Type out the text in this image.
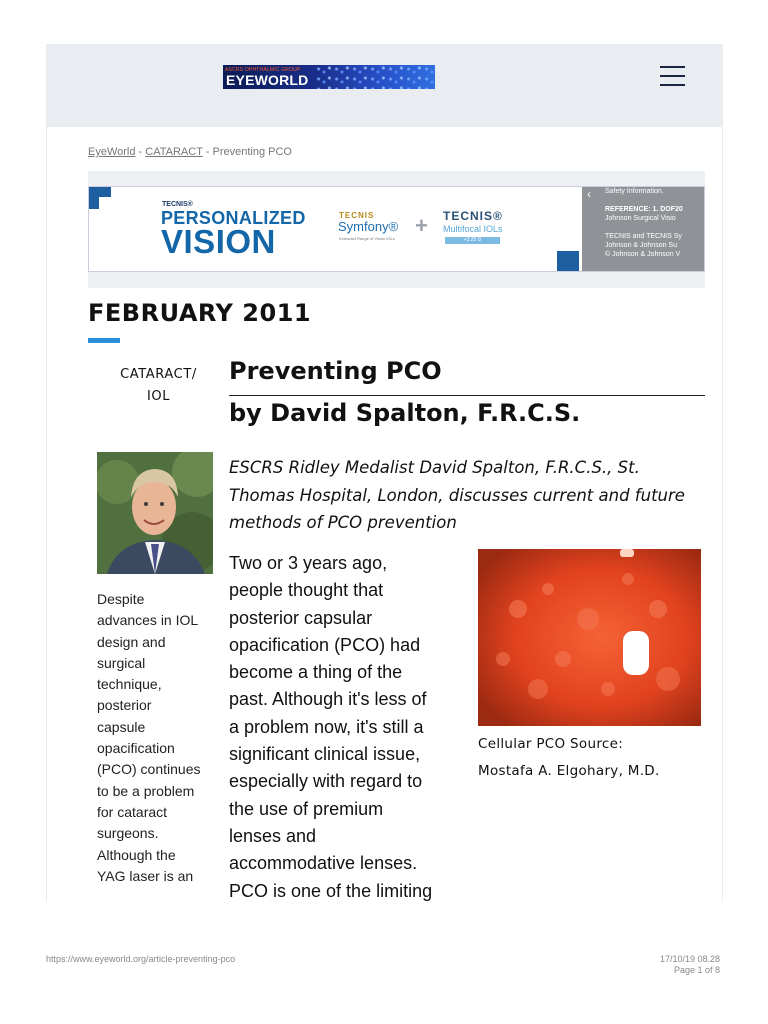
ASCRS OPHTHALMIC GROUP
EYEWORLD
EyeWorld - CATARACT - Preventing PCO
TECNIS®
PERSONALIZED
VISION
TECNIS
Symfony®
Extended Range of Vision IOLs
+ TECNIS®
Multifocal IOLs
+3.25 D
‹ Safety Information.

REFERENCE: 1. DOF20
Johnson Surgical Visio

TECNIS and TECNIS Sy
Johnson & Johnson Su
© Johnson & Johnson V
FEBRUARY 2011
CATARACT/
IOL
Preventing PCO
by David Spalton, F.R.C.S.
ESCRS Ridley Medalist David Spalton, F.R.C.S., St. Thomas Hospital, London, discusses current and future methods of PCO prevention
Despite
advances in IOL
design and
surgical
technique,
posterior
capsule
opacification
(PCO) continues
to be a problem
for cataract
surgeons.
Although the
YAG laser is an
Two or 3 years ago,
people thought that
posterior capsular
opacification (PCO) had
become a thing of the
past. Although it's less of
a problem now, it's still a
significant clinical issue,
especially with regard to
the use of premium
lenses and
accommodative lenses.
PCO is one of the limiting
Cellular PCO Source:
Mostafa A. Elgohary, M.D.
https://www.eyeworld.org/article-preventing-pco	17/10/19 08.28
Page 1 of 8
